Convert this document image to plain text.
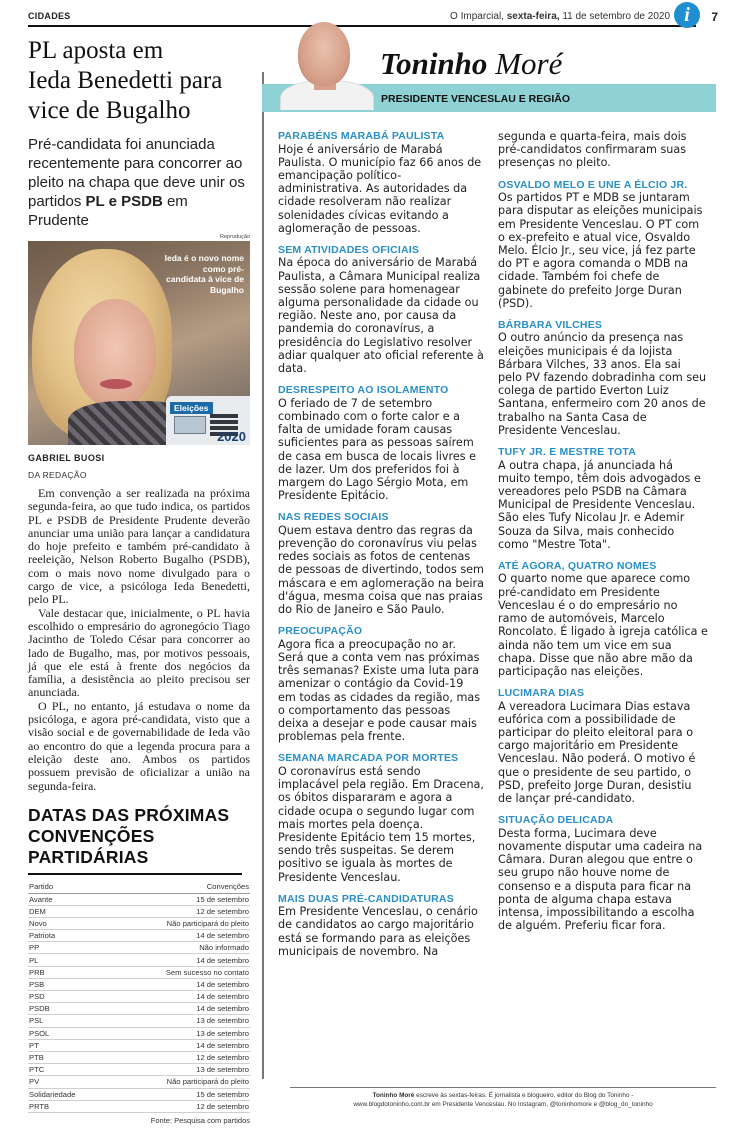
CIDADES	O Imparcial, sexta-feira, 11 de setembro de 2020 i	7
PL aposta em
Ieda Benedetti para
vice de Bugalho
Pré-candidata foi anunciada recentemente para concorrer ao pleito na chapa que deve unir os partidos PL e PSDB em Prudente
Reprodução
Ieda é o novo nome como pré-candidata à vice de Bugalho
Eleições
2020
GABRIEL BUOSI
DA REDAÇÃO

Em convenção a ser realizada na próxima segunda-feira, ao que tudo indica, os partidos PL e PSDB de Presidente Prudente deverão anunciar uma união para lançar a candidatura do hoje prefeito e também pré-candidato à reeleição, Nelson Roberto Bugalho (PSDB), com o mais novo nome divulgado para o cargo de vice, a psicóloga Ieda Benedetti, pelo PL.

Vale destacar que, inicialmente, o PL havia escolhido o empresário do agronegócio Tiago Jacintho de Toledo César para concorrer ao lado de Bugalho, mas, por motivos pessoais, já que ele está à frente dos negócios da família, a desistência ao pleito precisou ser anunciada.

O PL, no entanto, já estudava o nome da psicóloga, e agora pré-candidata, visto que a visão social e de governabilidade de Ieda vão ao encontro do que a legenda procura para a eleição deste ano. Ambos os partidos possuem previsão de oficializar a união na segunda-feira.

DATAS DAS PRÓXIMAS
CONVENÇÕES PARTIDÁRIAS
Partido	Convenções
Avante	15 de setembro
DEM	12 de setembro
Novo	Não participará do pleito
Patriota	14 de setembro
PP	Não informado
PL	14 de setembro
PRB	Sem sucesso no contato
PSB	14 de setembro
PSD	14 de setembro
PSDB	14 de setembro
PSL	13 de setembro
PSOL	13 de setembro
PT	14 de setembro
PTB	12 de setembro
PTC	13 de setembro
PV	Não participará do pleito
Solidariedade	15 de setembro
PRTB	12 de setembro
Fonte: Pesquisa com partidos
PRESIDENTE VENCESLAU E REGIÃO
Toninho Moré
PARABÉNS MARABÁ PAULISTA

Hoje é aniversário de Marabá Paulista. O município faz 66 anos de emancipação político-administrativa. As autoridades da cidade resolveram não realizar solenidades cívicas evitando a aglomeração de pessoas.

SEM ATIVIDADES OFICIAIS

Na época do aniversário de Marabá Paulista, a Câmara Municipal realiza sessão solene para homenagear alguma personalidade da cidade ou região. Neste ano, por causa da pandemia do coronavírus, a presidência do Legislativo resolver adiar qualquer ato oficial referente à data.

DESRESPEITO AO ISOLAMENTO

O feriado de 7 de setembro combinado com o forte calor e a falta de umidade foram causas suficientes para as pessoas saírem de casa em busca de locais livres e de lazer. Um dos preferidos foi à margem do Lago Sérgio Mota, em Presidente Epitácio.

NAS REDES SOCIAIS

Quem estava dentro das regras da prevenção do coronavírus viu pelas redes sociais as fotos de centenas de pessoas de divertindo, todos sem máscara e em aglomeração na beira d'água, mesma coisa que nas praias do Rio de Janeiro e São Paulo.

PREOCUPAÇÃO

Agora fica a preocupação no ar. Será que a conta vem nas próximas três semanas? Existe uma luta para amenizar o contágio da Covid-19 em todas as cidades da região, mas o comportamento das pessoas deixa a desejar e pode causar mais problemas pela frente.

SEMANA MARCADA POR MORTES

O coronavírus está sendo implacável pela região. Em Dracena, os óbitos dispararam e agora a cidade ocupa o segundo lugar com mais mortes pela doença. Presidente Epitácio tem 15 mortes, sendo três suspeitas. Se derem positivo se iguala às mortes de Presidente Venceslau.

MAIS DUAS PRÉ-CANDIDATURAS

Em Presidente Venceslau, o cenário de candidatos ao cargo majoritário está se formando para as eleições municipais de novembro. Na

segunda e quarta-feira, mais dois pré-candidatos confirmaram suas presenças no pleito.

OSVALDO MELO E UNE A ÉLCIO JR.

Os partidos PT e MDB se juntaram para disputar as eleições municipais em Presidente Venceslau. O PT com o ex-prefeito e atual vice, Osvaldo Melo. Élcio Jr., seu vice, já fez parte do PT e agora comanda o MDB na cidade. Também foi chefe de gabinete do prefeito Jorge Duran (PSD).

BÁRBARA VILCHES

O outro anúncio da presença nas eleições municipais é da lojista Bárbara Vilches, 33 anos. Ela sai pelo PV fazendo dobradinha com seu colega de partido Everton Luiz Santana, enfermeiro com 20 anos de trabalho na Santa Casa de Presidente Venceslau.

TUFY JR. E MESTRE TOTA

A outra chapa, já anunciada há muito tempo, têm dois advogados e vereadores pelo PSDB na Câmara Municipal de Presidente Venceslau. São eles Tufy Nicolau Jr. e Ademir Souza da Silva, mais conhecido como "Mestre Tota".

ATÉ AGORA, QUATRO NOMES

O quarto nome que aparece como pré-candidato em Presidente Venceslau é o do empresário no ramo de automóveis, Marcelo Roncolato. É ligado à igreja católica e ainda não tem um vice em sua chapa. Disse que não abre mão da participação nas eleições.

LUCIMARA DIAS

A vereadora Lucimara Dias estava eufórica com a possibilidade de participar do pleito eleitoral para o cargo majoritário em Presidente Venceslau. Não poderá. O motivo é que o presidente de seu partido, o PSD, prefeito Jorge Duran, desistiu de lançar pré-candidato.

SITUAÇÃO DELICADA

Desta forma, Lucimara deve novamente disputar uma cadeira na Câmara. Duran alegou que entre o seu grupo não houve nome de consenso e a disputa para ficar na ponta de alguma chapa estava intensa, impossibilitando a escolha de alguém. Preferiu ficar fora.

Toninho Moré escreve às sextas-feiras. É jornalista e blogueiro, editor do Blog do Toninho -
www.blogdotoninho.com.br em Presidente Venceslau. No Instagram, @toninhomore e @blog_do_toninho
